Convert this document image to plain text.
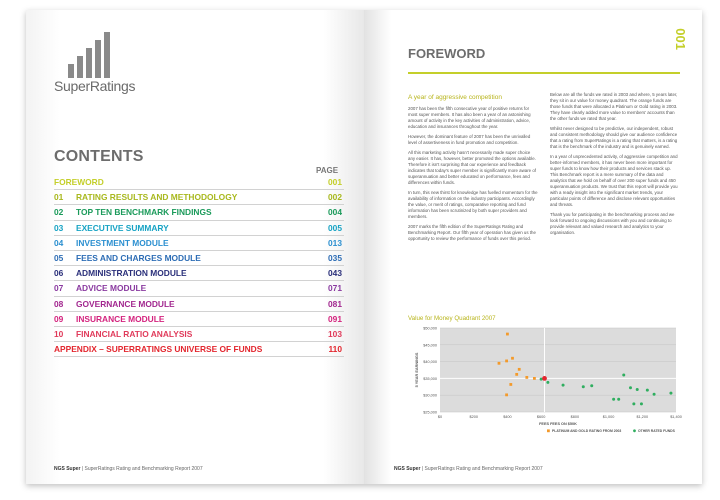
SuperRatings
CONTENTS
PAGE
FOREWORD	001
01	RATING RESULTS AND METHODOLOGY	002
02	TOP TEN BENCHMARK FINDINGS	004
03	EXECUTIVE SUMMARY	005
04	INVESTMENT MODULE	013
05	FEES AND CHARGES MODULE	035
06	ADMINISTRATION MODULE	043
07	ADVICE MODULE	071
08	GOVERNANCE MODULE	081
09	INSURANCE MODULE	091
10	FINANCIAL RATIO ANALYSIS	103
APPENDIX – SUPERRATINGS UNIVERSE OF FUNDS	110
NGS Super | SuperRatings Rating and Benchmarking Report 2007
FOREWORD
001
A year of aggressive competition

2007 has been the fifth consecutive year of positive returns for most super members. It has also been a year of an astonishing amount of activity in the key activities of administration, advice, education and insurances throughout the year.

However, the dominant feature of 2007 has been the unrivalled level of assertiveness in fund promotion and competition.

All this marketing activity hasn't necessarily made super choice any easier. It has, however, better promoted the options available. Therefore it isn't surprising that our experience and feedback indicates that today's super member is significantly more aware of superannuation and better educated on performance, fees and differences within funds.

In turn, this new thirst for knowledge has fuelled momentum for the availability of information on the industry participants. Accordingly the value, or merit of ratings, comparative reporting and fund information has been scrutinized by both super providers and members.

2007 marks the fifth edition of the SuperRatings Rating and Benchmarking Report. Our fifth year of operation has given us the opportunity to review the performance of funds over this period.

Below are all the funds we rated in 2003 and where, 5 years later, they sit in our value for money quadrant. The orange funds are those funds that were allocated a Platinum or Gold rating in 2003. They have clearly added more value to members' accounts than the other funds we rated that year.

Whilst never designed to be predictive, our independent, robust and consistent methodology should give our audience confidence that a rating from SuperRatings is a rating that matters, is a rating that is the benchmark of the industry and is genuinely earned.

In a year of unprecedented activity, of aggressive competition and better-informed members, it has never been more important for super funds to know how their products and services stack up. This Benchmark report is a mere summary of the data and analytics that we hold on behalf of over 200 super funds and 450 superannuation products. We trust that this report will provide you with a ready insight into the significant market trends, your particular points of difference and disclose relevant opportunities and threats.

Thank you for participating in the benchmarking process and we look forward to ongoing discussions with you and continuing to provide relevant and valued research and analytics to your organisation.

Value for Money Quadrant 2007
$25,000
$30,000
$35,000
$40,000
$45,000
$50,000
$0	$200	$400	$600	$800	$1,000	$1,200	$1,400
FEES FEES ON $50K
5 YEAR EARNINGS
PLATINUM AND GOLD RATING FROM 2003	OTHER RATED FUNDS
NGS Super | SuperRatings Rating and Benchmarking Report 2007
